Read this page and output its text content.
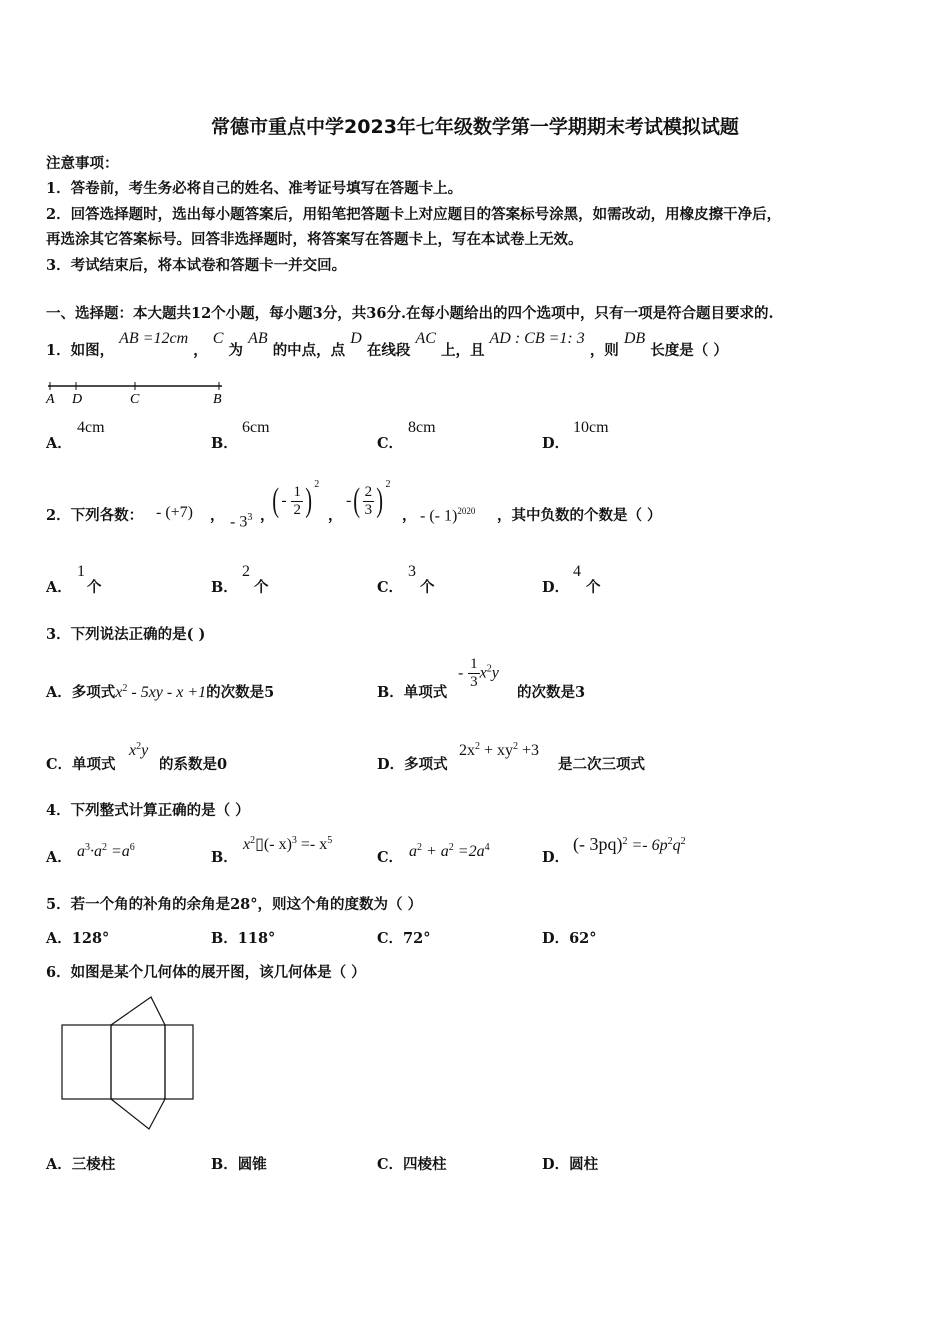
常德市重点中学2023年七年级数学第一学期期末考试模拟试题
注意事项：
1．答卷前，考生务必将自己的姓名、准考证号填写在答题卡上。
2．回答选择题时，选出每小题答案后，用铅笔把答题卡上对应题目的答案标号涂黑，如需改动，用橡皮擦干净后，
再选涂其它答案标号。回答非选择题时，将答案写在答题卡上，写在本试卷上无效。
3．考试结束后，将本试卷和答题卡一并交回。
一、选择题：本大题共12个小题，每小题3分，共36分.在每小题给出的四个选项中，只有一项是符合题目要求的.
1．如图， AB =12cm ， C 为 AB 的中点，点 D 在线段 AC 上，且 AD : CB =1: 3 ，则 DB 长度是（ ）
A D	C	B
A．
4cm
B．
6cm
C．
8cm
D．
10cm
2．下列各数： - (+7) ， - $3^3$ ，
( - $\frac{1}{2}$ ) $^2$
，
-( $\frac{2}{3}$ ) $^2$
， - (- 1)$^{2020}$ ，其中负数的个数是（ ）
A．
1
个	B．
2
个	C．
3
个	D．
4
个
3．下列说法正确的是( )
A．多项式$x^2 - 5xy - x +1$的次数是5	B．单项式
- $\frac{1}{3} x^2y$
的次数是3
C．单项式
$x^2y$
的系数是0	D．多项式
$2x^2 + xy^2 +3$
是二次三项式
4．下列整式计算正确的是（ ）
A． $a^3\cdot a^2 =a^6$
B．
$x^2▯(-$ $x)^3 =- x^5$
C． $a^2 + a^2 =2a^4$
D．
(- $3pq)^2 =- 6p^2q^2$
5．若一个角的补角的余角是28°，则这个角的度数为（ ）
A．128°	B．118°	C．72°	D．62°
6．如图是某个几何体的展开图，该几何体是（ ）
A．三棱柱	B．圆锥	C．四棱柱	D．圆柱
